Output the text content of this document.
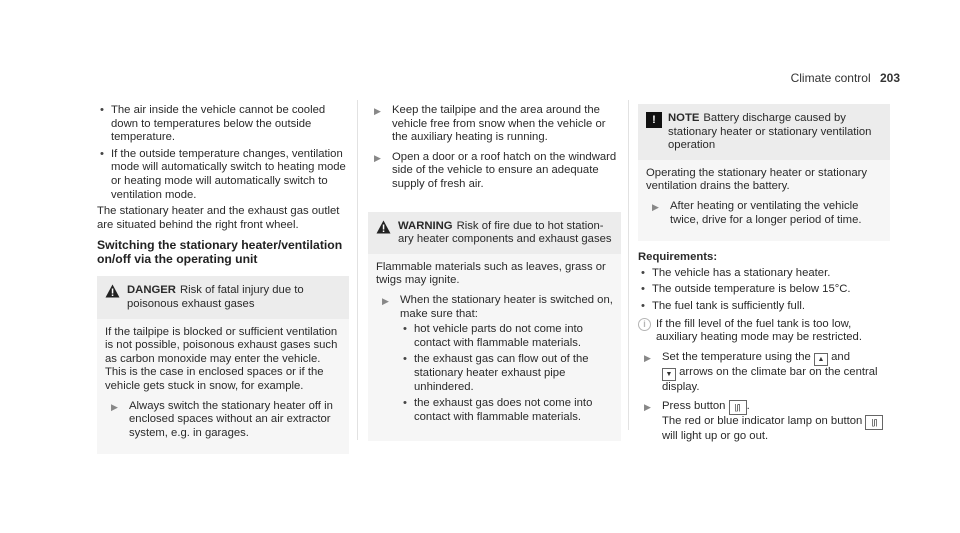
Climate control 203
• The air inside the vehicle cannot be cooled down to temperatures below the outside temperature.
• If the outside temperature changes, ventilation mode will automatically switch to heating mode or heating mode will automatically switch to ventilation mode.

The stationary heater and the exhaust gas outlet are situated behind the right front wheel.

Switching the stationary heater/ventilation on/off via the operating unit
DANGER Risk of fatal injury due to poisonous exhaust gases

If the tailpipe is blocked or sufficient ventilation is not possible, poisonous exhaust gases such as carbon monoxide may enter the vehicle. This is the case in enclosed spaces or if the vehicle gets stuck in snow, for example.

▶ Always switch the stationary heater off in enclosed spaces without an air extractor system, e.g. in garages.
▶ Keep the tailpipe and the area around the vehicle free from snow when the vehicle or the auxiliary heating is running.
▶ Open a door or a roof hatch on the windward side of the vehicle to ensure an adequate supply of fresh air.
WARNING Risk of fire due to hot stationary heater components and exhaust gases

Flammable materials such as leaves, grass or twigs may ignite.

▶ When the stationary heater is switched on, make sure that:
• hot vehicle parts do not come into contact with flammable materials.
• the exhaust gas can flow out of the stationary heater exhaust pipe unhindered.
• the exhaust gas does not come into contact with flammable materials.
!	NOTE Battery discharge caused by stationary heater or stationary ventilation operation

Operating the stationary heater or stationary ventilation drains the battery.

▶ After heating or ventilating the vehicle twice, drive for a longer period of time.
Requirements:
• The vehicle has a stationary heater.
• The outside temperature is below 15°C.
• The fuel tank is sufficiently full.
i If the fill level of the fuel tank is too low, auxiliary heating mode may be restricted.
▶ Set the temperature using the ▲ and
▼ arrows on the climate bar on the central display.
▶ Press button |ʃ| .
The red or blue indicator lamp on button |ʃ|
will light up or go out.
